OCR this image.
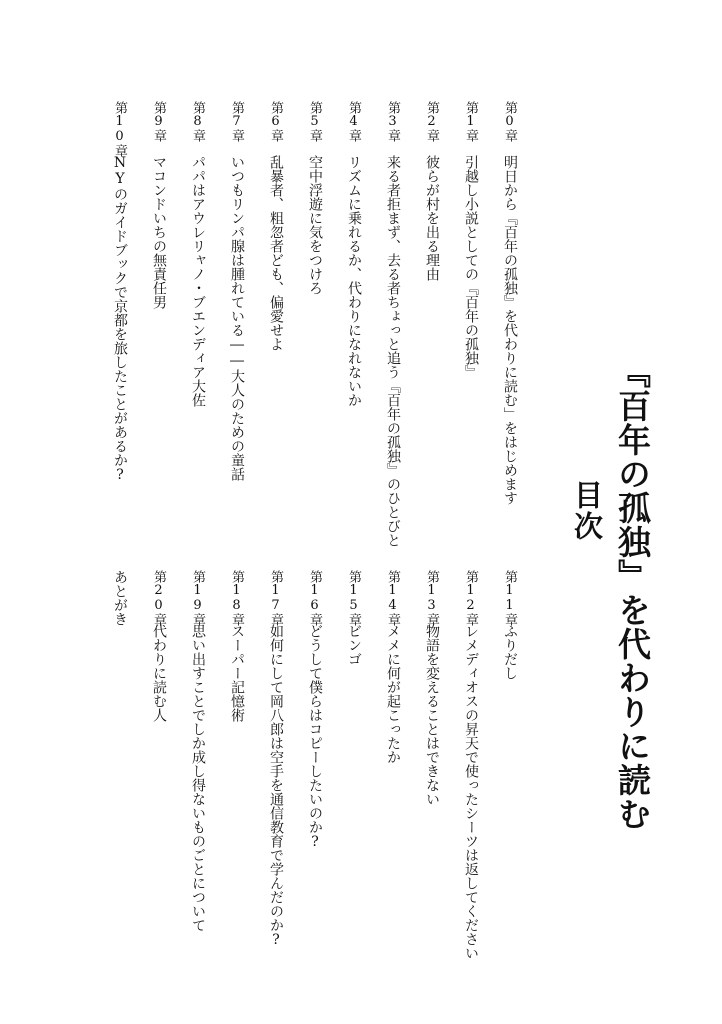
『百年の孤独』を代わりに読む
目次
第0章
明日から『百年の孤独』を代わりに読む」をはじめます
第1章
引越し小説としての『百年の孤独』
第2章
彼らが村を出る理由
第3章
来る者拒まず、去る者ちょっと追う『百年の孤独』のひとびと
第4章
リズムに乗れるか、代わりになれないか
第5章
空中浮遊に気をつけろ
第6章
乱暴者、粗忽者ども、偏愛せよ
第7章
いつもリンパ腺は腫れている――大人のための童話
第8章
パパはアウレリャノ・ブエンディア大佐
第9章
マコンドいちの無責任男
第10章
NYのガイドブックで京都を旅したことがあるか?
第11章
ふりだし
第12章
レメディオスの昇天で使ったシーツは返してください
第13章
物語を変えることはできない
第14章
メメに何が起こったか
第15章
ビンゴ
第16章
どうして僕らはコピーしたいのか?
第17章
如何にして岡八郎は空手を通信教育で学んだのか?
第18章
スーパー記憶術
第19章
思い出すことでしか成し得ないものごとについて
第20章
代わりに読む人
あとがき
